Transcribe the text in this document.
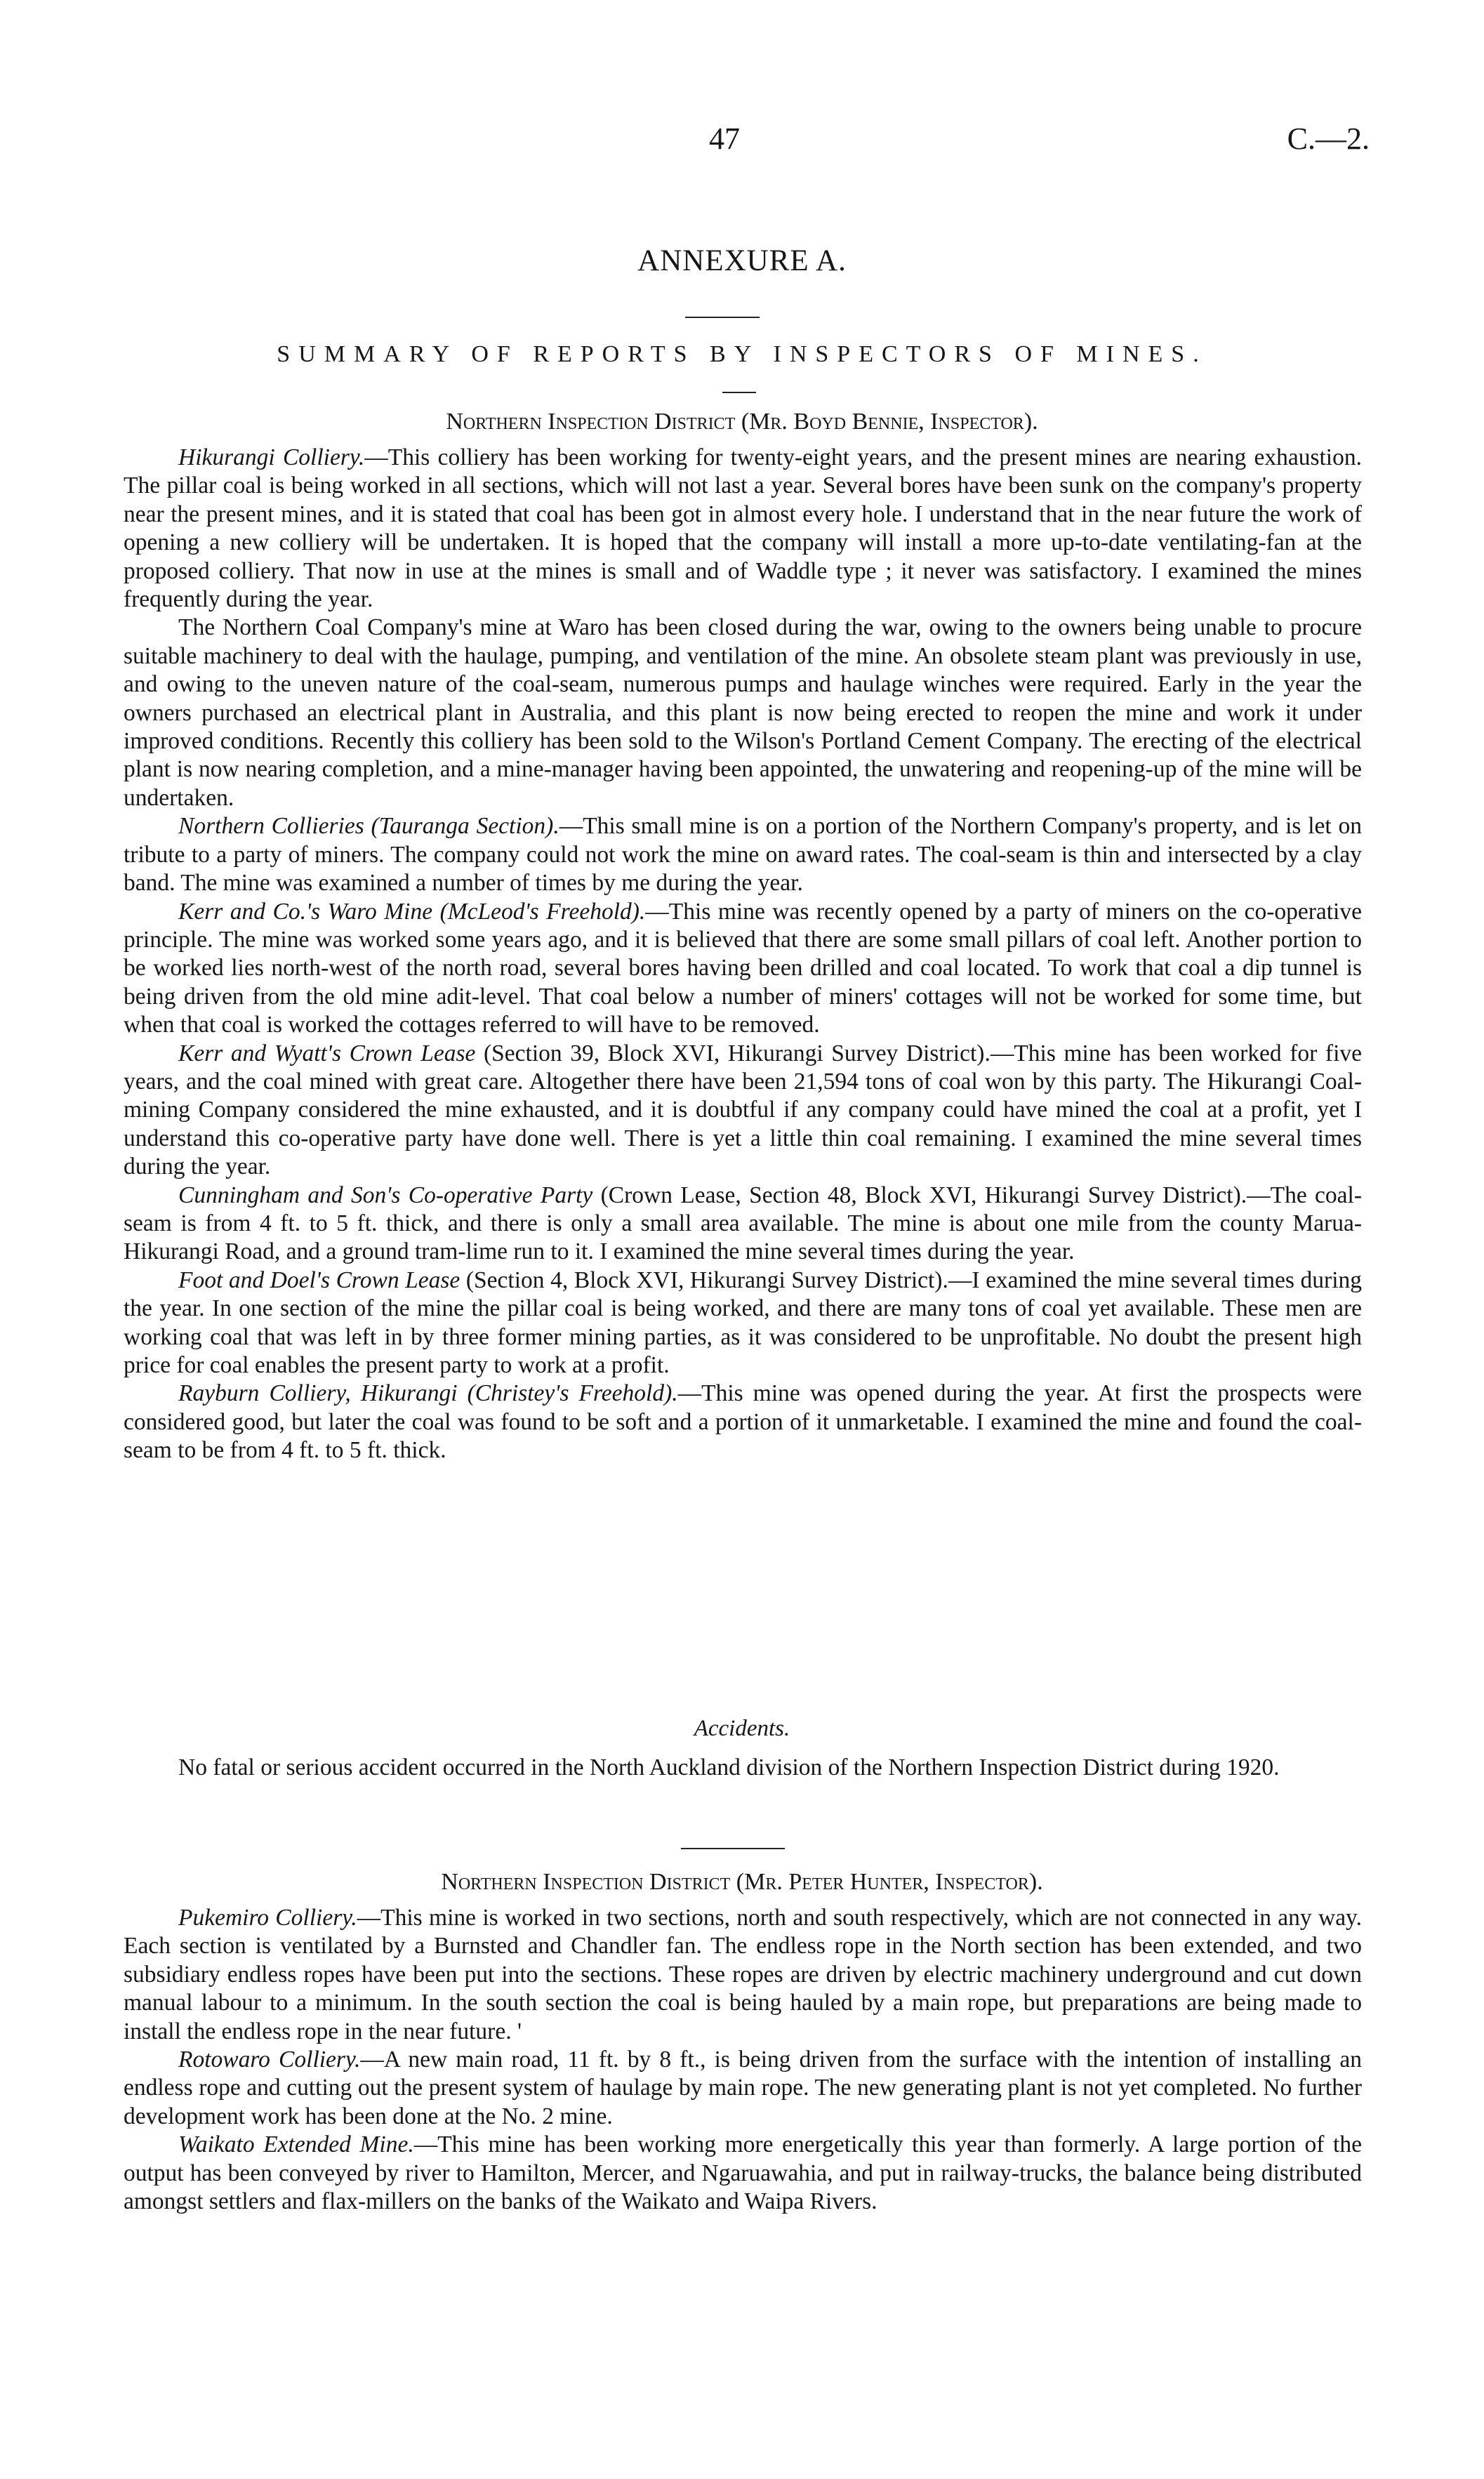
47	C.—2.
ANNEXURE A.
SUMMARY OF REPORTS BY INSPECTORS OF MINES.
Northern Inspection District (Mr. Boyd Bennie, Inspector).

Hikurangi Colliery.—This colliery has been working for twenty-eight years, and the present mines are nearing exhaustion. The pillar coal is being worked in all sections, which will not last a year. Several bores have been sunk on the company's property near the present mines, and it is stated that coal has been got in almost every hole. I understand that in the near future the work of opening a new colliery will be undertaken. It is hoped that the company will install a more up-to-date ventilating-fan at the proposed colliery. That now in use at the mines is small and of Waddle type ; it never was satisfactory. I examined the mines frequently during the year.

The Northern Coal Company's mine at Waro has been closed during the war, owing to the owners being unable to procure suitable machinery to deal with the haulage, pumping, and ventilation of the mine. An obsolete steam plant was previously in use, and owing to the uneven nature of the coal-seam, numerous pumps and haulage winches were required. Early in the year the owners purchased an electrical plant in Australia, and this plant is now being erected to reopen the mine and work it under improved conditions. Recently this colliery has been sold to the Wilson's Portland Cement Company. The erecting of the electrical plant is now nearing completion, and a mine-manager having been appointed, the unwatering and reopening-up of the mine will be undertaken.

Northern Collieries (Tauranga Section).—This small mine is on a portion of the Northern Company's property, and is let on tribute to a party of miners. The company could not work the mine on award rates. The coal-seam is thin and intersected by a clay band. The mine was examined a number of times by me during the year.

Kerr and Co.'s Waro Mine (McLeod's Freehold).—This mine was recently opened by a party of miners on the co-operative principle. The mine was worked some years ago, and it is believed that there are some small pillars of coal left. Another portion to be worked lies north-west of the north road, several bores having been drilled and coal located. To work that coal a dip tunnel is being driven from the old mine adit-level. That coal below a number of miners' cottages will not be worked for some time, but when that coal is worked the cottages referred to will have to be removed.

Kerr and Wyatt's Crown Lease (Section 39, Block XVI, Hikurangi Survey District).—This mine has been worked for five years, and the coal mined with great care. Altogether there have been 21,594 tons of coal won by this party. The Hikurangi Coal-mining Company considered the mine exhausted, and it is doubtful if any company could have mined the coal at a profit, yet I understand this co-operative party have done well. There is yet a little thin coal remaining. I examined the mine several times during the year.

Cunningham and Son's Co-operative Party (Crown Lease, Section 48, Block XVI, Hikurangi Survey District).—The coal-seam is from 4 ft. to 5 ft. thick, and there is only a small area available. The mine is about one mile from the county Marua-Hikurangi Road, and a ground tram-lime run to it. I examined the mine several times during the year.

Foot and Doel's Crown Lease (Section 4, Block XVI, Hikurangi Survey District).—I examined the mine several times during the year. In one section of the mine the pillar coal is being worked, and there are many tons of coal yet available. These men are working coal that was left in by three former mining parties, as it was considered to be unprofitable. No doubt the present high price for coal enables the present party to work at a profit.

Rayburn Colliery, Hikurangi (Christey's Freehold).—This mine was opened during the year. At first the prospects were considered good, but later the coal was found to be soft and a portion of it unmarketable. I examined the mine and found the coal-seam to be from 4 ft. to 5 ft. thick.

Accidents.

No fatal or serious accident occurred in the North Auckland division of the Northern Inspection District during 1920.

Northern Inspection District (Mr. Peter Hunter, Inspector).

Pukemiro Colliery.—This mine is worked in two sections, north and south respectively, which are not connected in any way. Each section is ventilated by a Burnsted and Chandler fan. The endless rope in the North section has been extended, and two subsidiary endless ropes have been put into the sections. These ropes are driven by electric machinery underground and cut down manual labour to a minimum. In the south section the coal is being hauled by a main rope, but preparations are being made to install the endless rope in the near future. '

Rotowaro Colliery.—A new main road, 11 ft. by 8 ft., is being driven from the surface with the intention of installing an endless rope and cutting out the present system of haulage by main rope. The new generating plant is not yet completed. No further development work has been done at the No. 2 mine.

Waikato Extended Mine.—This mine has been working more energetically this year than formerly. A large portion of the output has been conveyed by river to Hamilton, Mercer, and Ngaruawahia, and put in railway-trucks, the balance being distributed amongst settlers and flax-millers on the banks of the Waikato and Waipa Rivers.
